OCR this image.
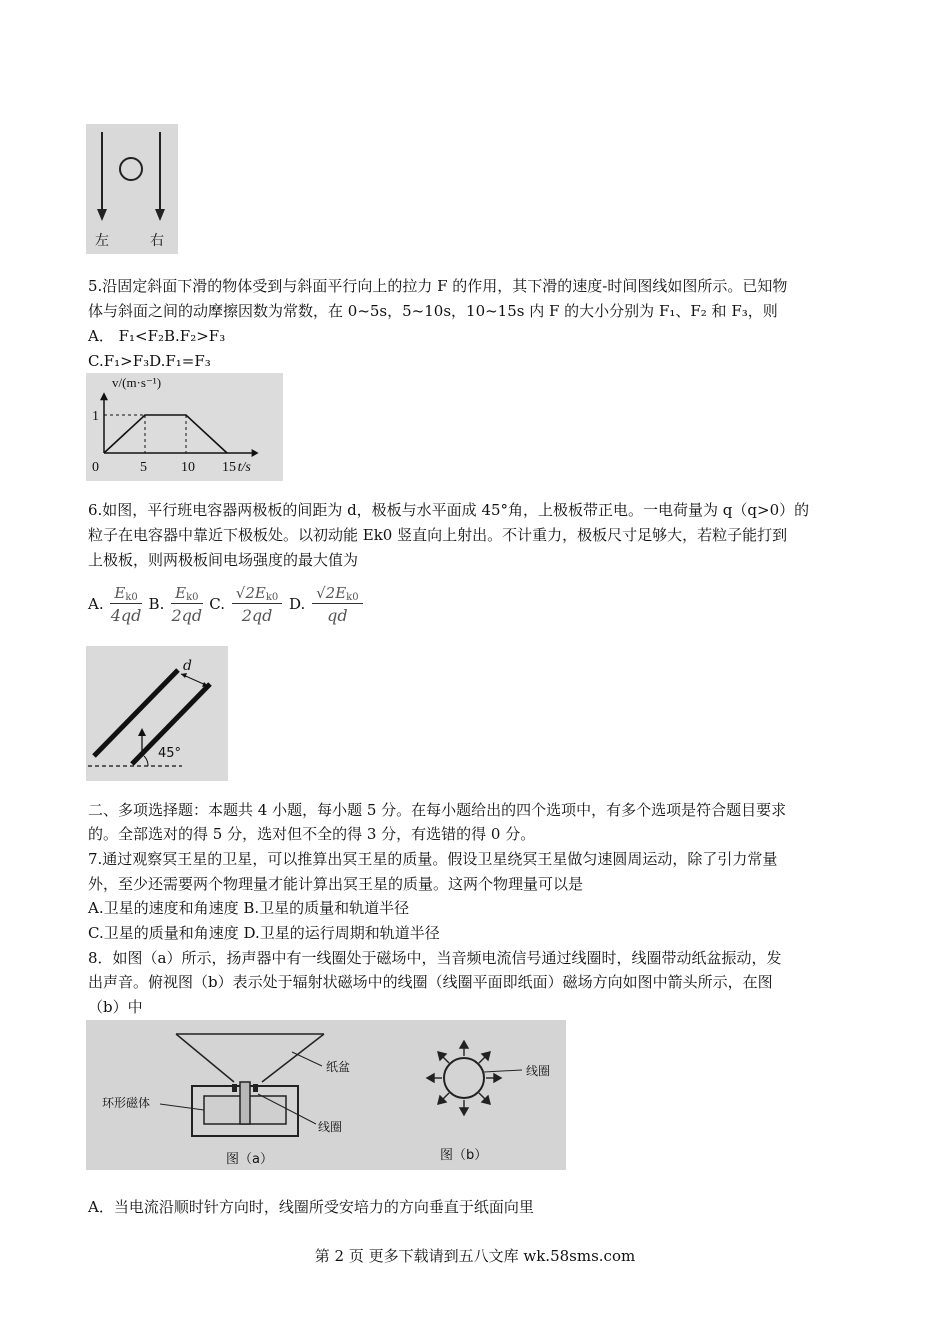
左	右
5.沿固定斜面下滑的物体受到与斜面平行向上的拉力 F 的作用，其下滑的速度-时间图线如图所示。已知物
体与斜面之间的动摩擦因数为常数，在 0~5s，5~10s，10~15s 内 F 的大小分别为 F₁、F₂ 和 F₃，则
A． F₁<F₂B.F₂>F₃
C.F₁>F₃D.F₁=F₃
0	5 10 15
1
t/s
v/(m·s⁻¹)
6.如图，平行班电容器两极板的间距为 d，极板与水平面成 45°角，上极板带正电。一电荷量为 q（q>0）的
粒子在电容器中靠近下极板处。以初动能 Ek0 竖直向上射出。不计重力，极板尺寸足够大，若粒子能打到
上极板，则两极板间电场强度的最大值为
A. $\frac{E_{k0}}{4qd} B$. $\frac{E_{k0}}{2qd} C$. $\frac{√2E_{k0}}{2qd} D$. $\frac{√2E_{k0}}{qd}$
d
45°
二、多项选择题：本题共 4 小题，每小题 5 分。在每小题给出的四个选项中，有多个选项是符合题目要求
的。全部选对的得 5 分，选对但不全的得 3 分，有选错的得 0 分。
7.通过观察冥王星的卫星，可以推算出冥王星的质量。假设卫星绕冥王星做匀速圆周运动，除了引力常量
外，至少还需要两个物理量才能计算出冥王星的质量。这两个物理量可以是
A.卫星的速度和角速度 B.卫星的质量和轨道半径
C.卫星的质量和角速度 D.卫星的运行周期和轨道半径
8．如图（a）所示，扬声器中有一线圈处于磁场中，当音频电流信号通过线圈时，线圈带动纸盆振动，发
出声音。俯视图（b）表示处于辐射状磁场中的线圈（线圈平面即纸面）磁场方向如图中箭头所示，在图
（b）中
纸盆
环形磁体
线圈
线圈
图（a）	图（b）
A．当电流沿顺时针方向时，线圈所受安培力的方向垂直于纸面向里
第 2 页 更多下载请到五八文库 wk.58sms.com
